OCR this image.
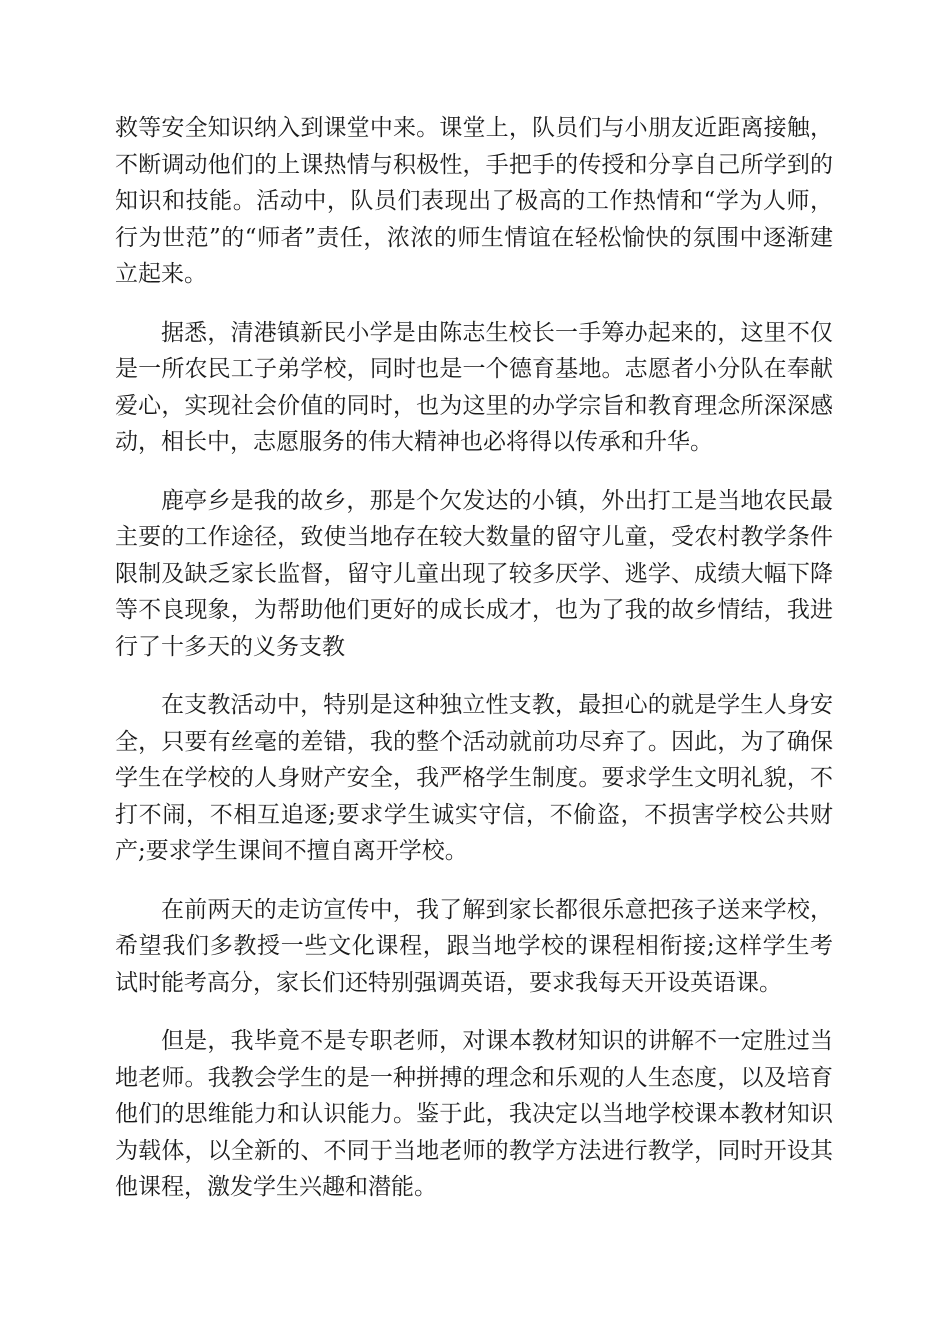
救等安全知识纳入到课堂中来。课堂上，队员们与小朋友近距离接触，不断调动他们的上课热情与积极性，手把手的传授和分享自己所学到的知识和技能。活动中，队员们表现出了极高的工作热情和“学为人师，行为世范”的“师者”责任，浓浓的师生情谊在轻松愉快的氛围中逐渐建立起来。

据悉，清港镇新民小学是由陈志生校长一手筹办起来的，这里不仅是一所农民工子弟学校，同时也是一个德育基地。志愿者小分队在奉献爱心，实现社会价值的同时，也为这里的办学宗旨和教育理念所深深感动，相长中，志愿服务的伟大精神也必将得以传承和升华。

鹿亭乡是我的故乡，那是个欠发达的小镇，外出打工是当地农民最主要的工作途径，致使当地存在较大数量的留守儿童，受农村教学条件限制及缺乏家长监督，留守儿童出现了较多厌学、逃学、成绩大幅下降等不良现象，为帮助他们更好的成长成才，也为了我的故乡情结，我进行了十多天的义务支教

在支教活动中，特别是这种独立性支教，最担心的就是学生人身安全，只要有丝毫的差错，我的整个活动就前功尽弃了。因此，为了确保学生在学校的人身财产安全，我严格学生制度。要求学生文明礼貌，不打不闹，不相互追逐;要求学生诚实守信，不偷盗，不损害学校公共财产;要求学生课间不擅自离开学校。

在前两天的走访宣传中，我了解到家长都很乐意把孩子送来学校，希望我们多教授一些文化课程，跟当地学校的课程相衔接;这样学生考试时能考高分，家长们还特别强调英语，要求我每天开设英语课。

但是，我毕竟不是专职老师，对课本教材知识的讲解不一定胜过当地老师。我教会学生的是一种拼搏的理念和乐观的人生态度，以及培育他们的思维能力和认识能力。鉴于此，我决定以当地学校课本教材知识为载体，以全新的、不同于当地老师的教学方法进行教学，同时开设其他课程，激发学生兴趣和潜能。
